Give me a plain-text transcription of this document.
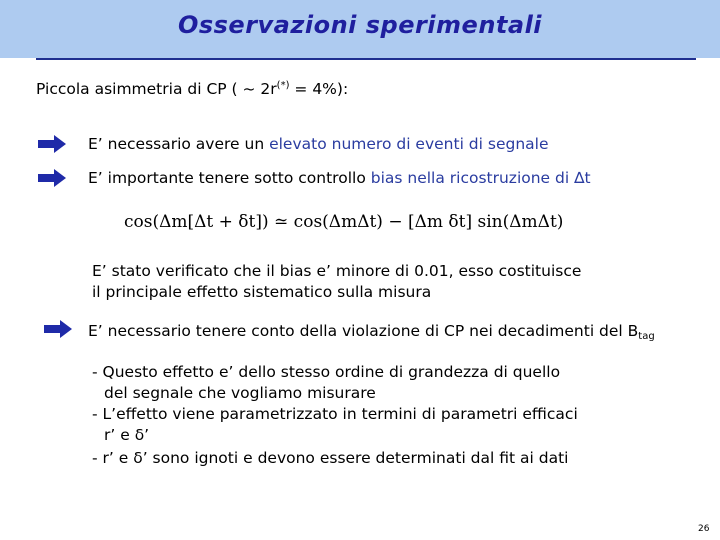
Osservazioni sperimentali
Piccola asimmetria di CP ( ~ 2r(*) = 4%):
E’ necessario avere un elevato numero di eventi di segnale
E’ importante tenere sotto controllo bias nella ricostruzione di ∆t
cos(Δm[Δt + δt]) ≃ cos(ΔmΔt) − [Δm δt] sin(ΔmΔt)
E’ stato verificato che il bias e’ minore di 0.01, esso costituisce
il principale effetto sistematico sulla misura
E’ necessario tenere conto della violazione di CP nei decadimenti del $B_{tag}$
- Questo effetto e’ dello stesso ordine di grandezza di quello
del segnale che vogliamo misurare
- L’effetto viene parametrizzato in termini di parametri efficaci
r’ e δ’
- r’ e δ’ sono ignoti e devono essere determinati dal fit ai dati
26
